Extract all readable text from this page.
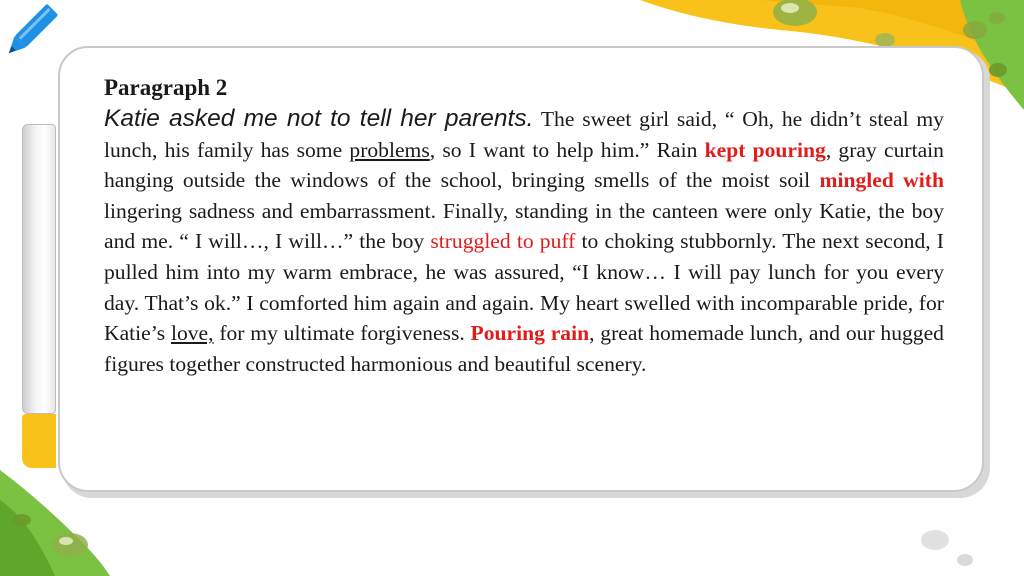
Paragraph 2

Katie asked me not to tell her parents. The sweet girl said, “ Oh, he didn’t steal my lunch, his family has some problems, so I want to help him.” Rain kept pouring, gray curtain hanging outside the windows of the school, bringing smells of the moist soil mingled with lingering sadness and embarrassment. Finally, standing in the canteen were only Katie, the boy and me. “ I will…, I will…” the boy struggled to puff to choking stubbornly. The next second, I pulled him into my warm embrace, he was assured, “I know… I will pay lunch for you every day. That’s ok.” I comforted him again and again. My heart swelled with incomparable pride, for Katie’s love, for my ultimate forgiveness. Pouring rain, great homemade lunch, and our hugged figures together constructed harmonious and beautiful scenery.
